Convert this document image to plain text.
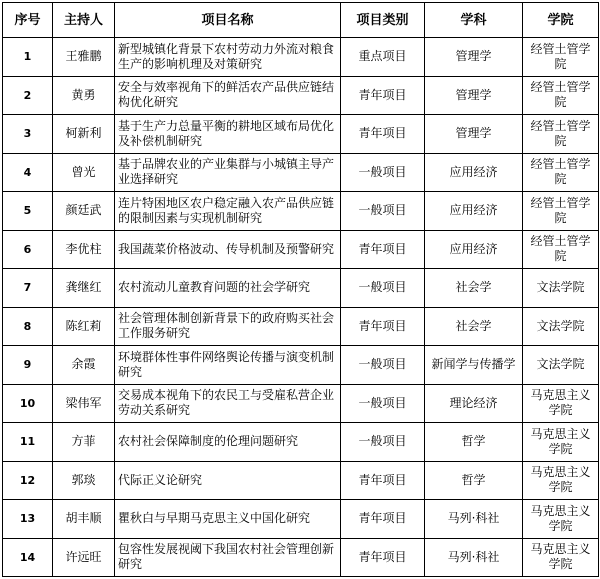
序号	主持人	项目名称	项目类别	学科	学院
1	王雅鹏	新型城镇化背景下农村劳动力外流对粮食生产的影响机理及对策研究	重点项目	管理学	经管土管学院
2	黄勇	安全与效率视角下的鲜活农产品供应链结构优化研究	青年项目	管理学	经管土管学院
3	柯新利	基于生产力总量平衡的耕地区域布局优化及补偿机制研究	青年项目	管理学	经管土管学院
4	曾光	基于品牌农业的产业集群与小城镇主导产业选择研究	一般项目	应用经济	经管土管学院
5	颜廷武	连片特困地区农户稳定融入农产品供应链的限制因素与实现机制研究	一般项目	应用经济	经管土管学院
6	李优柱	我国蔬菜价格波动、传导机制及预警研究	青年项目	应用经济	经管土管学院
7	龚继红	农村流动儿童教育问题的社会学研究	一般项目	社会学	文法学院
8	陈红莉	社会管理体制创新背景下的政府购买社会工作服务研究	青年项目	社会学	文法学院
9	余霞	环境群体性事件网络舆论传播与演变机制研究	一般项目	新闻学与传播学	文法学院
10	梁伟军	交易成本视角下的农民工与受雇私营企业劳动关系研究	一般项目	理论经济	马克思主义学院
11	方菲	农村社会保障制度的伦理问题研究	一般项目	哲学	马克思主义学院
12	郭琰	代际正义论研究	青年项目	哲学	马克思主义学院
13	胡丰顺	瞿秋白与早期马克思主义中国化研究	青年项目	马列·科社	马克思主义学院
14	许远旺	包容性发展视阈下我国农村社会管理创新研究	青年项目	马列·科社	马克思主义学院
